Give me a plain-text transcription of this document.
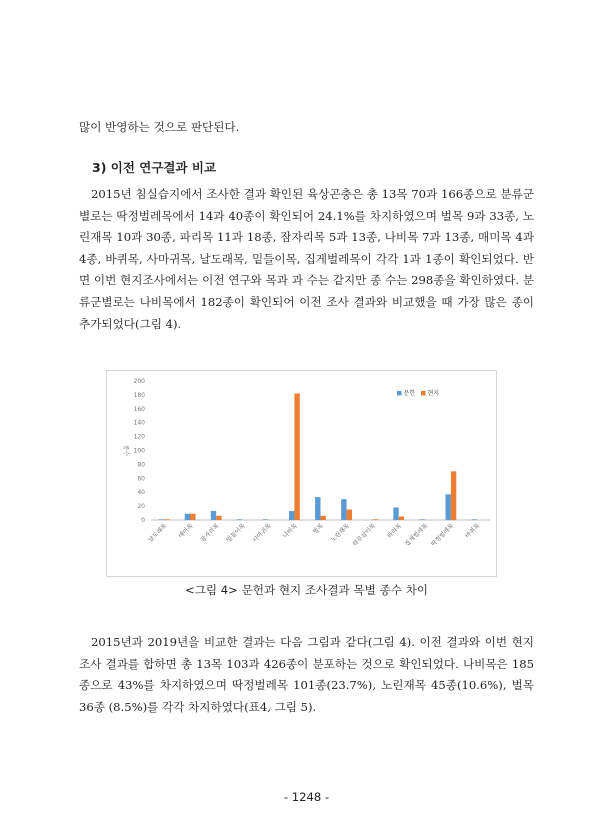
많이 반영하는 것으로 판단된다.

3) 이전 연구결과 비교

2015년 침실습지에서 조사한 결과 확인된 육상곤충은 총 13목 70과 166종으로 분류군별로는 딱정벌레목에서 14과 40종이 확인되어 24.1%를 차지하였으며 벌목 9과 33종, 노린재목 10과 30종, 파리목 11과 18종, 잠자리목 5과 13종, 나비목 7과 13종, 매미목 4과 4종, 바퀴목, 사마귀목, 날도래목, 밑들이목, 집게벌레목이 각각 1과 1종이 확인되었다. 반면 이번 현지조사에서는 이전 연구와 목과 과 수는 같지만 종 수는 298종을 확인하였다. 분류군별로는 나비목에서 182종이 확인되어 이전 조사 결과와 비교했을 때 가장 많은 종이 추가되었다(그림 4).

0
20
40
60
80
100
120
140
160
180
200
종수
날도래목 매미목 잠자리목 밑들이목 사마귀목 나비목 벌목 노린재목 하루살이목 파리목 집게벌레목 딱정벌레목 바퀴목
문헌 현지

<그림 4> 문헌과 현지 조사결과 목별 종수 차이

2015년과 2019년을 비교한 결과는 다음 그림과 같다(그림 4). 이전 결과와 이번 현지 조사 결과를 합하면 총 13목 103과 426종이 분포하는 것으로 확인되었다. 나비목은 185종으로 43%를 차지하였으며 딱정벌레목 101종(23.7%), 노린재목 45종(10.6%), 벌목 36종 (8.5%)를 각각 차지하였다(표4, 그림 5).

- 1248 -
